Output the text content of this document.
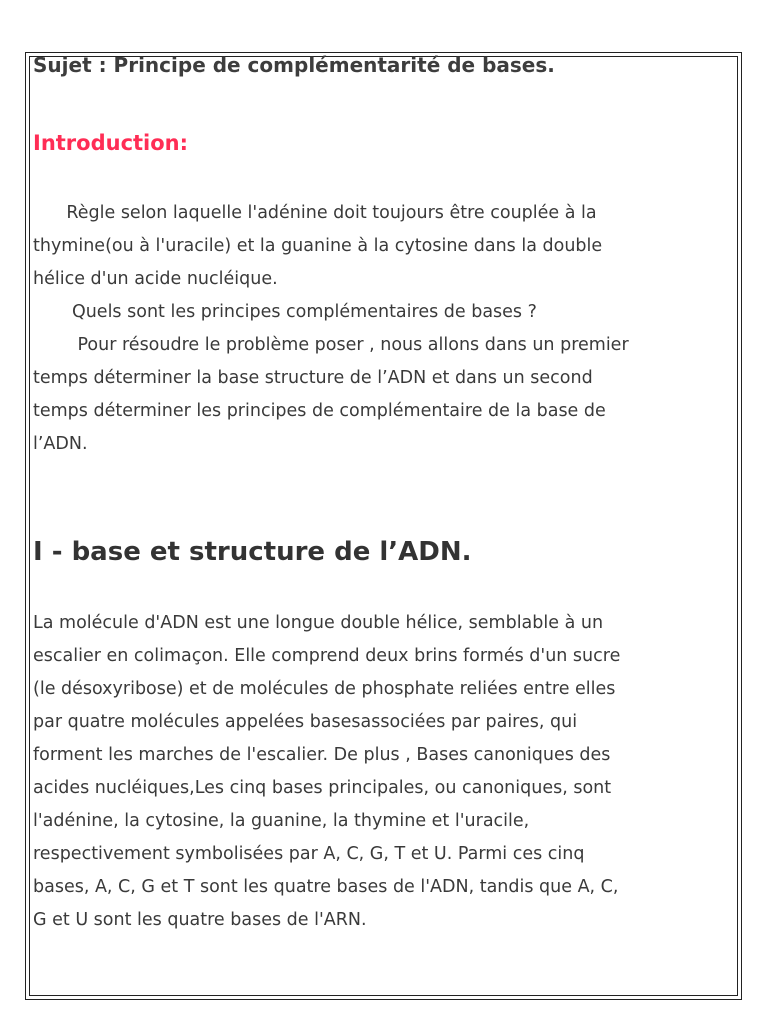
Sujet : Principe de complémentarité de bases.
Introduction:

Règle selon laquelle l'adénine doit toujours être couplée à la
thymine(ou à l'uracile) et la guanine à la cytosine dans la double
hélice d'un acide nucléique.
Quels sont les principes complémentaires de bases ?
Pour résoudre le problème poser , nous allons dans un premier
temps déterminer la base structure de l’ADN et dans un second
temps déterminer les principes de complémentaire de la base de
l’ADN.

I - base et structure de l’ADN.

La molécule d'ADN est une longue double hélice, semblable à un
escalier en colimaçon. Elle comprend deux brins formés d'un sucre
(le désoxyribose) et de molécules de phosphate reliées entre elles
par quatre molécules appelées basesassociées par paires, qui
forment les marches de l'escalier. De plus , Bases canoniques des
acides nucléiques,Les cinq bases principales, ou canoniques, sont
l'adénine, la cytosine, la guanine, la thymine et l'uracile,
respectivement symbolisées par A, C, G, T et U. Parmi ces cinq
bases, A, C, G et T sont les quatre bases de l'ADN, tandis que A, C,
G et U sont les quatre bases de l'ARN.
